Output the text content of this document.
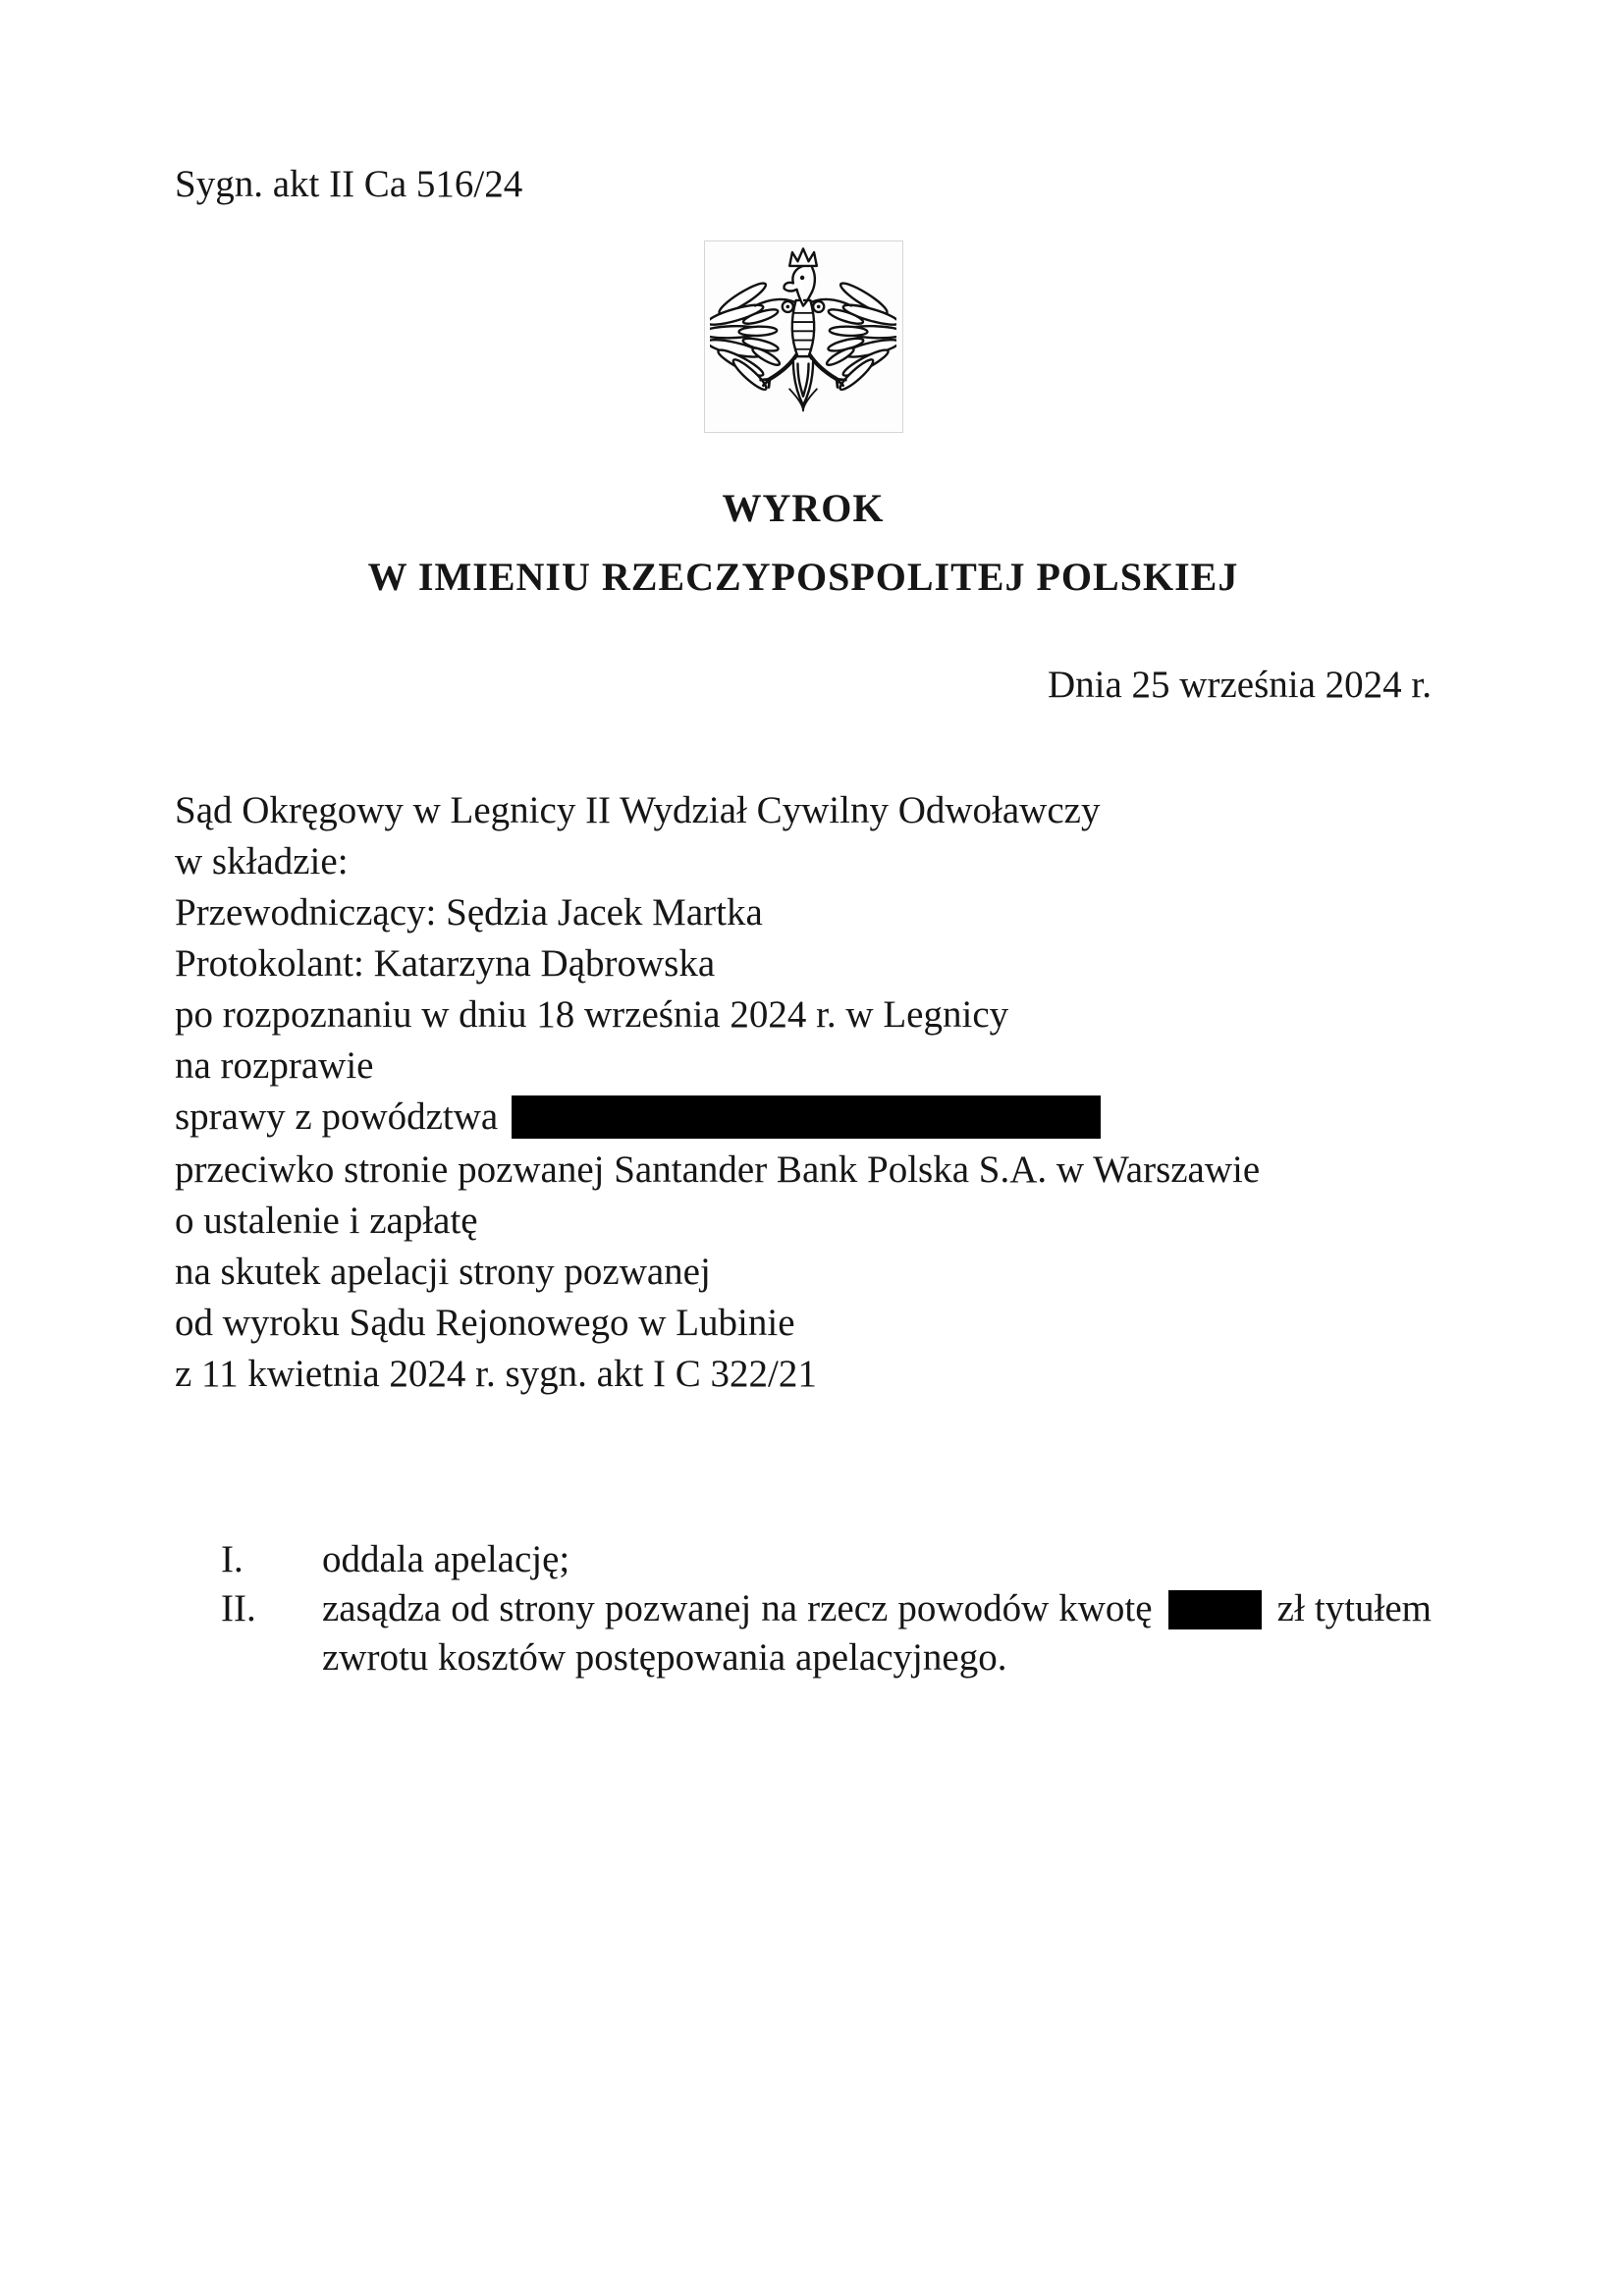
Sygn. akt II Ca 516/24
WYROK
W IMIENIU RZECZYPOSPOLITEJ POLSKIEJ
Dnia 25 września 2024 r.
Sąd Okręgowy w Legnicy II Wydział Cywilny Odwoławczy
w składzie:
Przewodniczący: Sędzia Jacek Martka
Protokolant: Katarzyna Dąbrowska
po rozpoznaniu w dniu 18 września 2024 r. w Legnicy
na rozprawie
sprawy z powództwa
przeciwko stronie pozwanej Santander Bank Polska S.A. w Warszawie
o ustalenie i zapłatę
na skutek apelacji strony pozwanej
od wyroku Sądu Rejonowego w Lubinie
z 11 kwietnia 2024 r. sygn. akt I C 322/21
I.	oddala apelację;
II.	zasądza od strony pozwanej na rzecz powodów kwotę	zł tytułem
zwrotu kosztów postępowania apelacyjnego.
